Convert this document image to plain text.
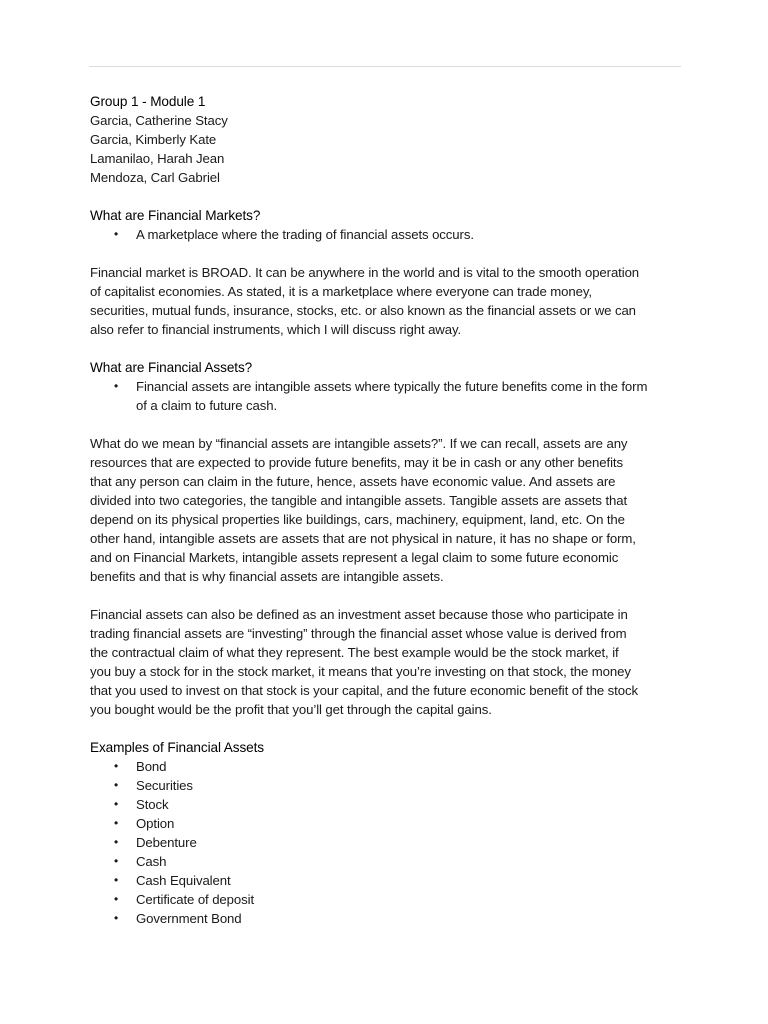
Group 1 - Module 1
Garcia, Catherine Stacy
Garcia, Kimberly Kate
Lamanilao, Harah Jean
Mendoza, Carl Gabriel
What are Financial Markets?
• A marketplace where the trading of financial assets occurs.
Financial market is BROAD. It can be anywhere in the world and is vital to the smooth operation
of capitalist economies. As stated, it is a marketplace where everyone can trade money,
securities, mutual funds, insurance, stocks, etc. or also known as the financial assets or we can
also refer to financial instruments, which I will discuss right away.
What are Financial Assets?
• Financial assets are intangible assets where typically the future benefits come in the form
of a claim to future cash.
What do we mean by “financial assets are intangible assets?”. If we can recall, assets are any
resources that are expected to provide future benefits, may it be in cash or any other benefits
that any person can claim in the future, hence, assets have economic value. And assets are
divided into two categories, the tangible and intangible assets. Tangible assets are assets that
depend on its physical properties like buildings, cars, machinery, equipment, land, etc. On the
other hand, intangible assets are assets that are not physical in nature, it has no shape or form,
and on Financial Markets, intangible assets represent a legal claim to some future economic
benefits and that is why financial assets are intangible assets.
Financial assets can also be defined as an investment asset because those who participate in
trading financial assets are “investing” through the financial asset whose value is derived from
the contractual claim of what they represent. The best example would be the stock market, if
you buy a stock for in the stock market, it means that you’re investing on that stock, the money
that you used to invest on that stock is your capital, and the future economic benefit of the stock
you bought would be the profit that you’ll get through the capital gains.
Examples of Financial Assets
• Bond
• Securities
• Stock
• Option
• Debenture
• Cash
• Cash Equivalent
• Certificate of deposit
• Government Bond
